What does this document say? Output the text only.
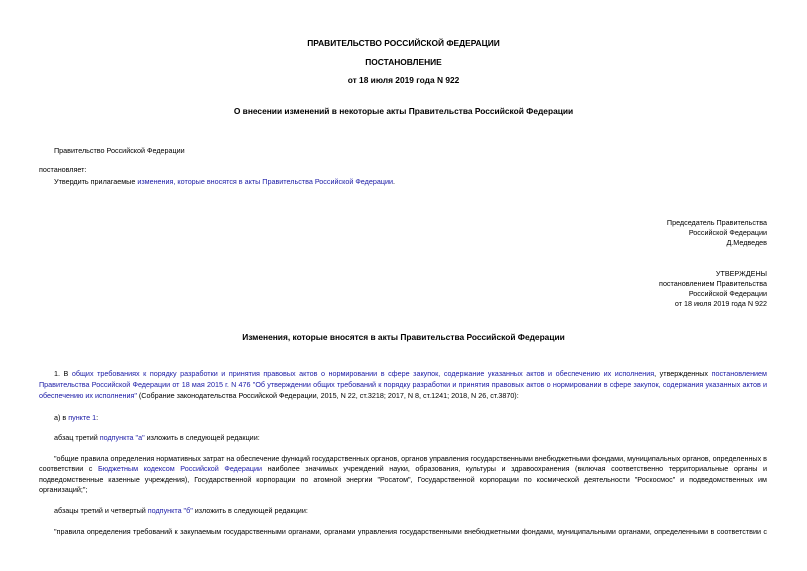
ПРАВИТЕЛЬСТВО РОССИЙСКОЙ ФЕДЕРАЦИИ
ПОСТАНОВЛЕНИЕ
от 18 июля 2019 года N 922
О внесении изменений в некоторые акты Правительства Российской Федерации
Правительство Российской Федерации
постановляет:
Утвердить прилагаемые изменения, которые вносятся в акты Правительства Российской Федерации.
Председатель Правительства
Российской Федерации
Д.Медведев
УТВЕРЖДЕНЫ
постановлением Правительства
Российской Федерации
от 18 июля 2019 года N 922
Изменения, которые вносятся в акты Правительства Российской Федерации
1. В общих требованиях к порядку разработки и принятия правовых актов о нормировании в сфере закупок, содержание указанных актов и обеспечению их исполнения, утвержденных постановлением
Правительства Российской Федерации от 18 мая 2015 г. N 476 "Об утверждении общих требований к порядку разработки и принятия правовых актов о нормировании в сфере закупок, содержания указанных актов и
обеспечению их исполнения" (Собрание законодательства Российской Федерации, 2015, N 22, ст.3218; 2017, N 8, ст.1241; 2018, N 26, ст.3870):
а) в пункте 1:
абзац третий подпункта "а" изложить в следующей редакции:
"общие правила определения нормативных затрат на обеспечение функций государственных органов, органов управления государственными внебюджетными фондами, муниципальных органов, определенных в
соответствии с Бюджетным кодексом Российской Федерации наиболее значимых учреждений науки, образования, культуры и здравоохранения (включая соответственно территориальные органы и
подведомственные казенные учреждения), Государственной корпорации по атомной энергии "Росатом", Государственной корпорации по космической деятельности "Роскосмос" и подведомственных им
организаций;";
абзацы третий и четвертый подпункта "б" изложить в следующей редакции:
"правила определения требований к закупаемым государственными органами, органами управления государственными внебюджетными фондами, муниципальными органами, определенными в соответствии с
